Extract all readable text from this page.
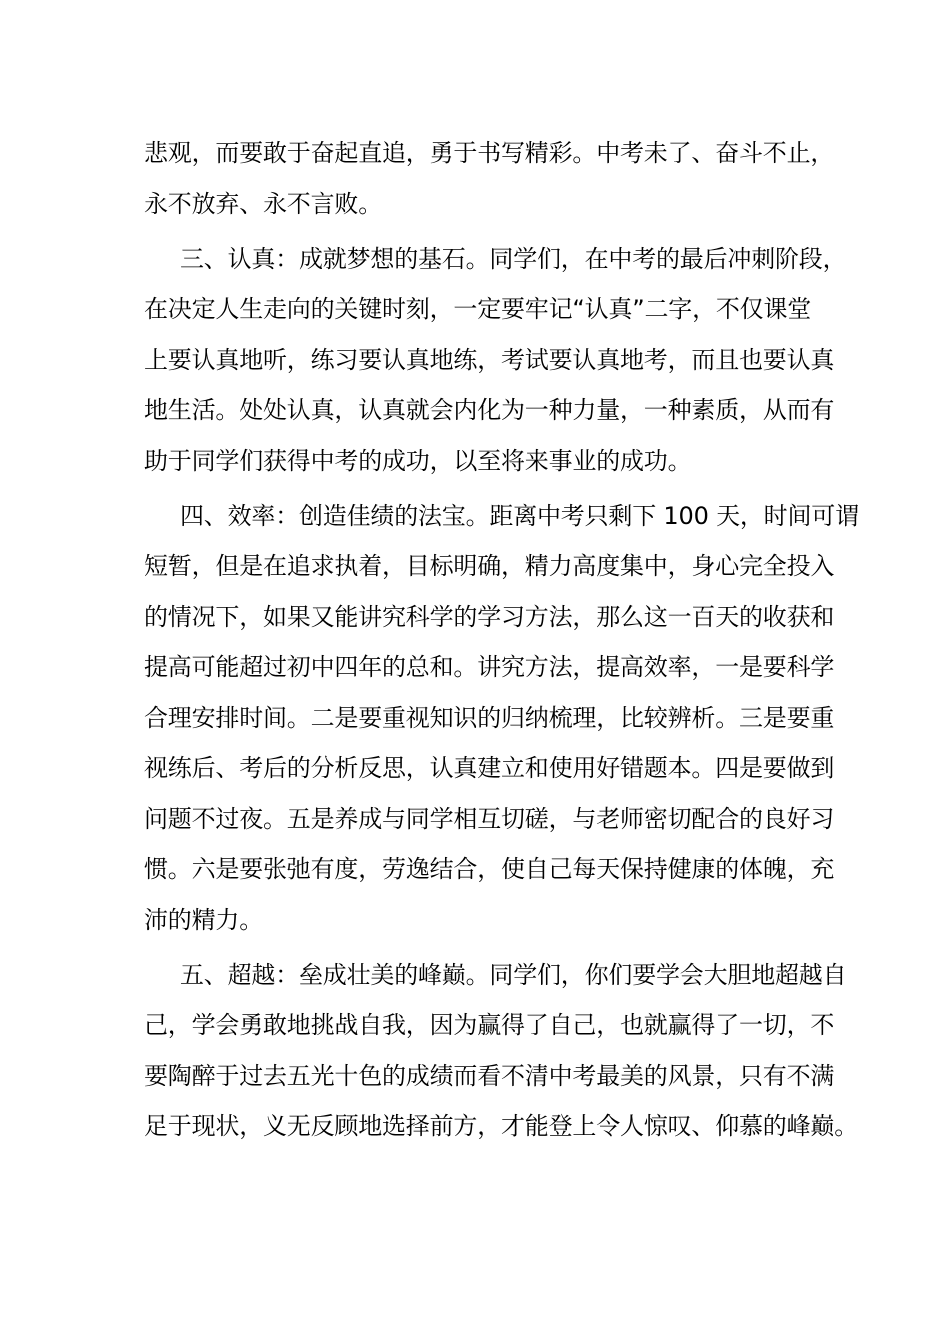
悲观，而要敢于奋起直追，勇于书写精彩。中考未了、奋斗不止，
永不放弃、永不言败。

三、认真：成就梦想的基石。同学们，在中考的最后冲刺阶段，
在决定人生走向的关键时刻，一定要牢记“认真”二字，不仅课堂
上要认真地听，练习要认真地练，考试要认真地考，而且也要认真
地生活。处处认真，认真就会内化为一种力量，一种素质，从而有
助于同学们获得中考的成功，以至将来事业的成功。

四、效率：创造佳绩的法宝。距离中考只剩下 100 天，时间可谓
短暂，但是在追求执着，目标明确，精力高度集中，身心完全投入
的情况下，如果又能讲究科学的学习方法，那么这一百天的收获和
提高可能超过初中四年的总和。讲究方法，提高效率，一是要科学
合理安排时间。二是要重视知识的归纳梳理，比较辨析。三是要重
视练后、考后的分析反思，认真建立和使用好错题本。四是要做到
问题不过夜。五是养成与同学相互切磋，与老师密切配合的良好习
惯。六是要张弛有度，劳逸结合，使自己每天保持健康的体魄，充
沛的精力。

五、超越：垒成壮美的峰巅。同学们，你们要学会大胆地超越自
己，学会勇敢地挑战自我，因为赢得了自己，也就赢得了一切，不
要陶醉于过去五光十色的成绩而看不清中考最美的风景，只有不满
足于现状，义无反顾地选择前方，才能登上令人惊叹、仰慕的峰巅。
